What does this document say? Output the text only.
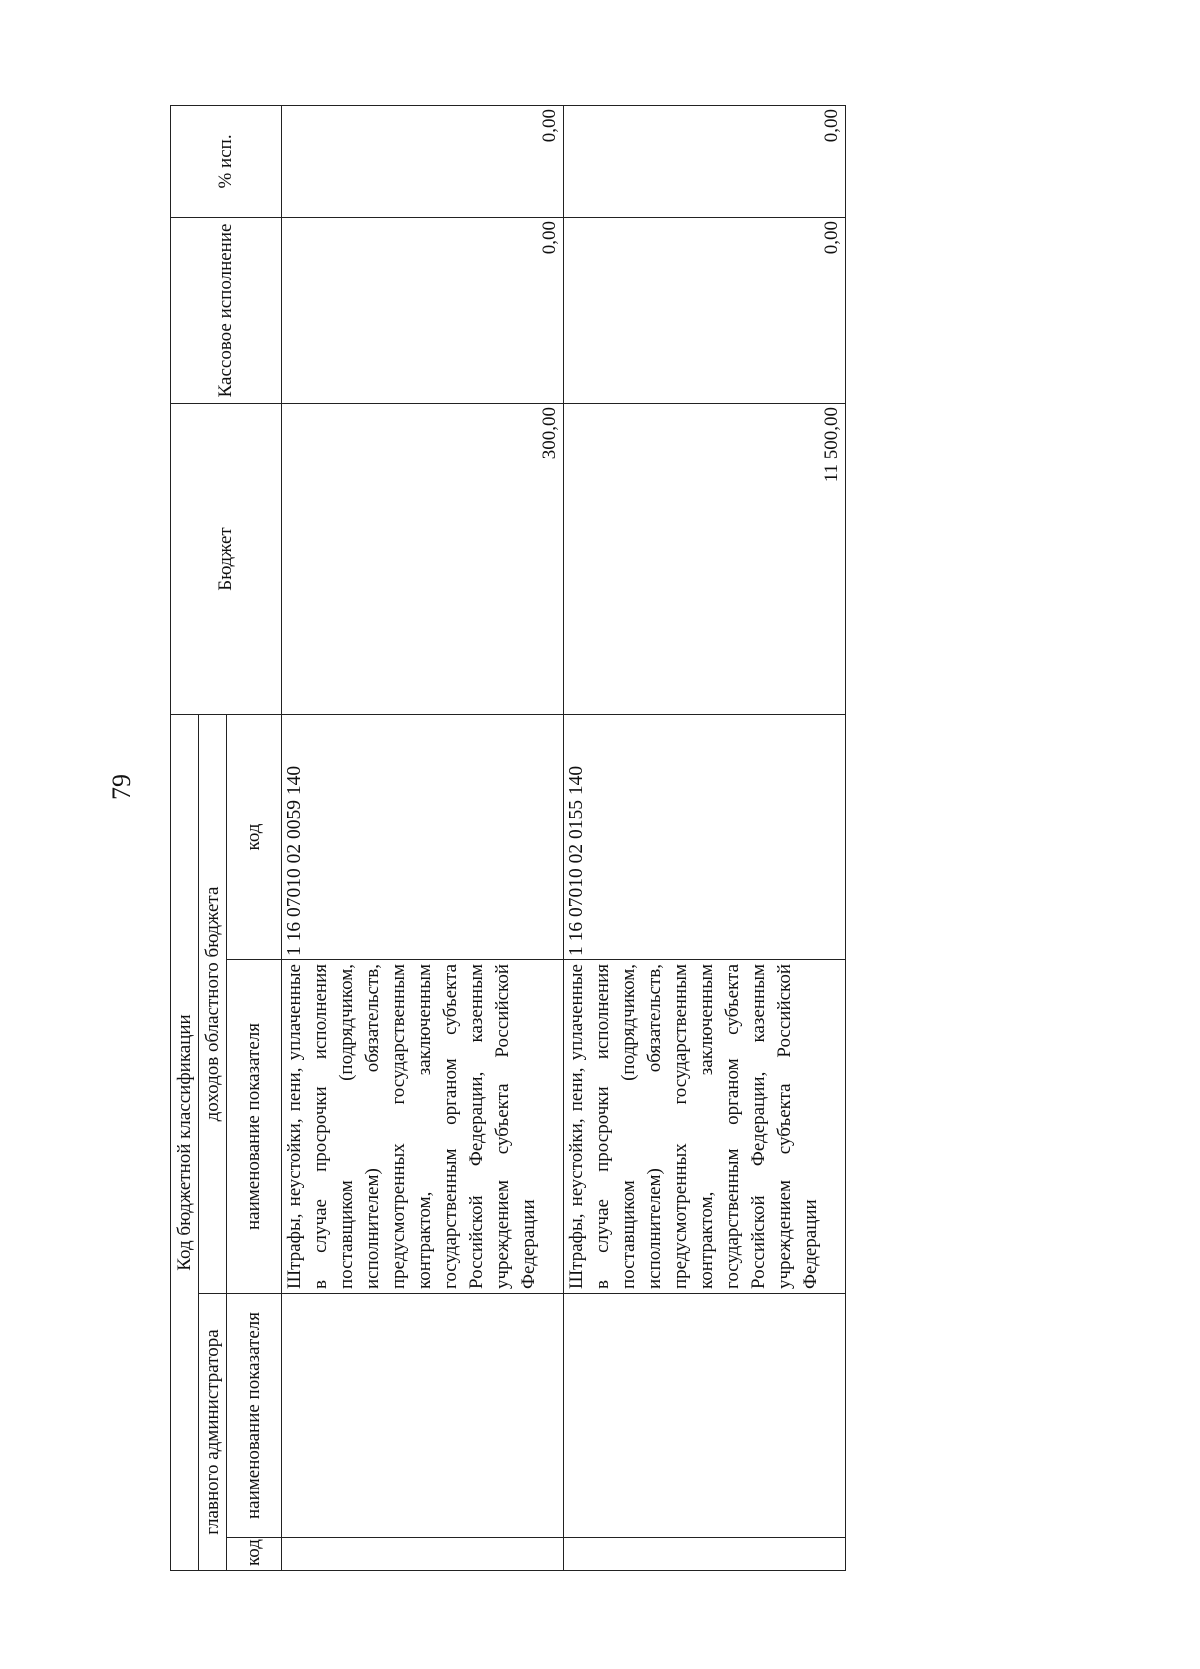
79
Код бюджетной классификации				Бюджет	Кассовое исполнение	% исп.
главного администратора		доходов областного бюджета				
код	наименование показателя	наименование показателя	код			
		Штрафы, неустойки, пени, уплаченные в случае просрочки исполнения поставщиком (подрядчиком, исполнителем) обязательств, предусмотренных государственным контрактом, заключенным государственным органом субъекта Российской Федерации, казенным учреждением субъекта Российской Федерации	1 16 07010 02 0059 140	300,00	0,00	0,00
		Штрафы, неустойки, пени, уплаченные в случае просрочки исполнения поставщиком (подрядчиком, исполнителем) обязательств, предусмотренных государственным контрактом, заключенным государственным органом субъекта Российской Федерации, казенным учреждением субъекта Российской Федерации	1 16 07010 02 0155 140	11 500,00	0,00	0,00
